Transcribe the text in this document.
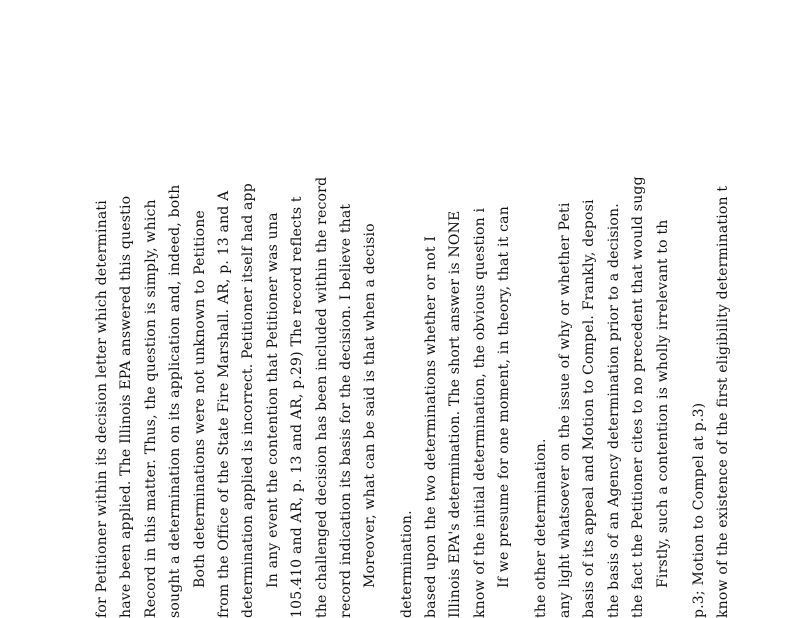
for Petitioner within its decision letter which determinati have been applied. The Illinois EPA answered this questio Record in this matter. Thus, the question is simply, which sought a determination on its application and, indeed, both Both determinations were not unknown to Petitione from the Office of the State Fire Marshall. AR, p. 13 and A determination applied is incorrect. Petitioner itself had app In any event the contention that Petitioner was una 105.410 and AR, p. 13 and AR, p.29) The record reflects t the challenged decision has been included within the record record indication its basis for the decision. I believe that Moreover, what can be said is that when a decisio	determination. based upon the two determinations whether or not I Illinois EPA's determination. The short answer is NONE know of the initial determination, the obvious question i If we presume for one moment, in theory, that it can	the other determination. any light whatsoever on the issue of why or whether Peti basis of its appeal and Motion to Compel. Frankly, deposi the basis of an Agency determination prior to a decision. the fact the Petitioner cites to no precedent that would sugg Firstly, such a contention is wholly irrelevant to th	p.3; Motion to Compel at p.3) know of the existence of the first eligibility determination t
